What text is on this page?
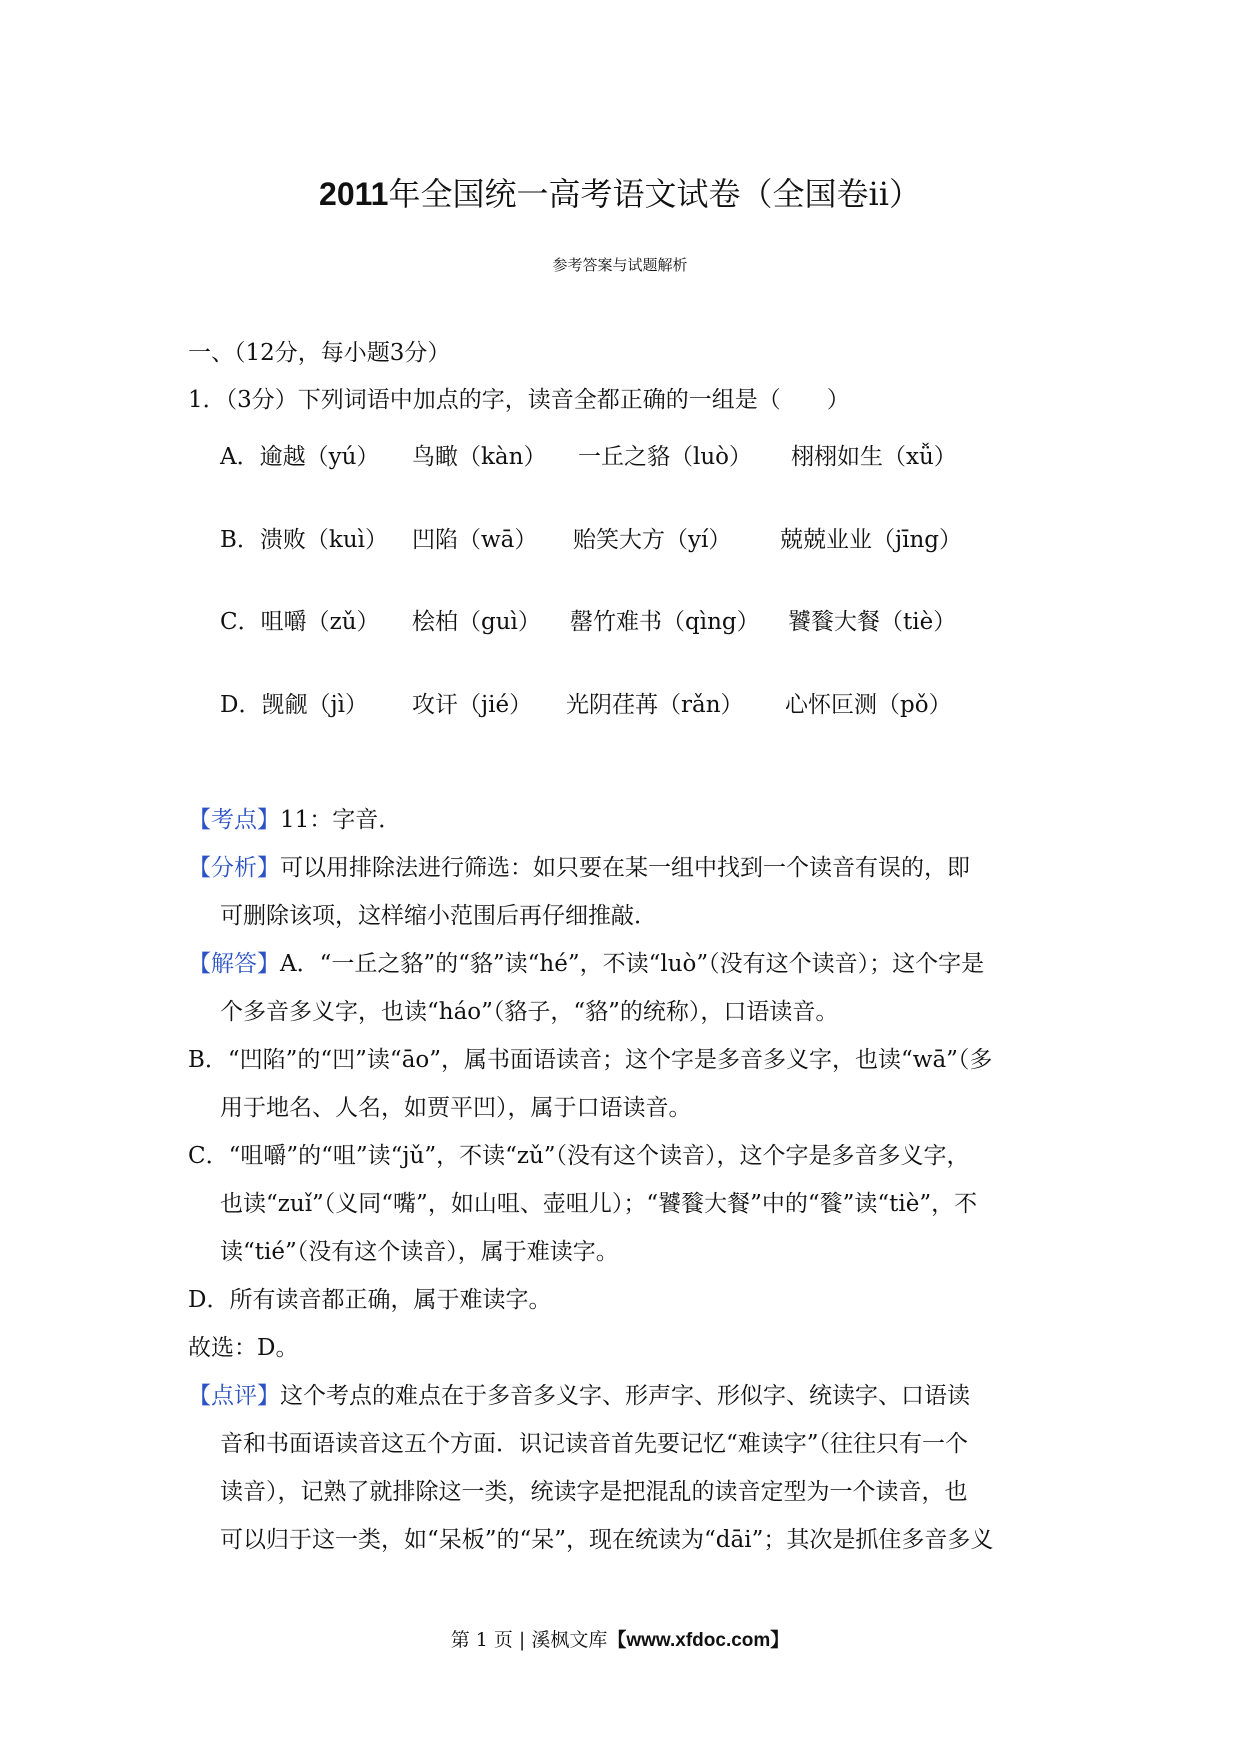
2011年全国统一高考语文试卷（全国卷ii）
参考答案与试题解析
一、（12分，每小题3分）
1．（3分）下列词语中加点的字，读音全都正确的一组是（　　）
A．逾越（yú） 鸟瞰（kàn） 一丘之貉（luò） 栩栩如生（xǚ）
B．溃败（kuì） 凹陷（wā） 贻笑大方（yí） 兢兢业业（jīng）
C．咀嚼（zǔ） 桧柏（guì） 罄竹难书（qìng） 饕餮大餐（tiè）
D．觊觎（jì） 攻讦（jié） 光阴荏苒（rǎn） 心怀叵测（pǒ）
【考点】11：字音．
【分析】可以用排除法进行筛选：如只要在某一组中找到一个读音有误的，即
可删除该项，这样缩小范围后再仔细推敲．
【解答】A．“一丘之貉”的“貉”读“hé”，不读“luò”（没有这个读音）；这个字是
个多音多义字，也读“háo”（貉子，“貉”的统称），口语读音。
B．“凹陷”的“凹”读“āo”，属书面语读音；这个字是多音多义字，也读“wā”（多
用于地名、人名，如贾平凹），属于口语读音。
C．“咀嚼”的“咀”读“jǔ”，不读“zǔ”（没有这个读音），这个字是多音多义字，
也读“zuǐ”（义同“嘴”，如山咀、壶咀儿）；“饕餮大餐”中的“餮”读“tiè”，不
读“tié”（没有这个读音），属于难读字。
D．所有读音都正确，属于难读字。
故选：D。
【点评】这个考点的难点在于多音多义字、形声字、形似字、统读字、口语读
音和书面语读音这五个方面．识记读音首先要记忆“难读字”（往往只有一个
读音），记熟了就排除这一类，统读字是把混乱的读音定型为一个读音，也
可以归于这一类，如“呆板”的“呆”，现在统读为“dāi”；其次是抓住多音多义
第 1 页 | 溪枫文库【www.xfdoc.com】
